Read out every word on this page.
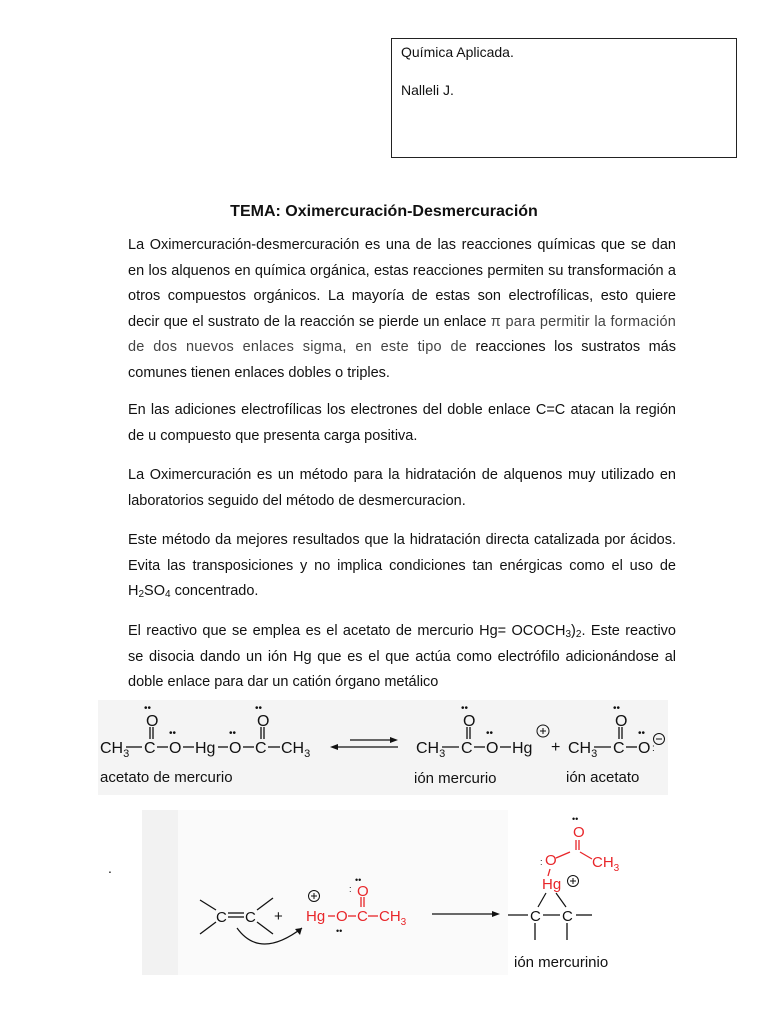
Química Aplicada.
Nalleli J.
TEMA: Oximercuración-Desmercuración
La Oximercuración-desmercuración es una de las reacciones químicas que se dan en los alquenos en química orgánica, estas reacciones permiten su transformación a otros compuestos orgánicos. La mayoría de estas son electrofílicas, esto quiere decir que el sustrato de la reacción se pierde un enlace π para permitir la formación de dos nuevos enlaces sigma, en este tipo de reacciones los sustratos más comunes tienen enlaces dobles o triples.
En las adiciones electrofílicas los electrones del doble enlace C=C atacan la región de u compuesto que presenta carga positiva.
La Oximercuración es un método para la hidratación de alquenos muy utilizado en laboratorios seguido del método de desmercuracion.
Este método da mejores resultados que la hidratación directa catalizada por ácidos. Evita las transposiciones y no implica condiciones tan enérgicas como el uso de $H_2SO_4$ concentrado.
El reactivo que se emplea es el acetato de mercurio $Hg= OCOCH_3)_2$. Este reactivo se disocia dando un ión Hg que es el que actúa como electrófilo adicionándose al doble enlace para dar un catión órgano metálico
$CH_3$ C
O
••
O
••
Hg O
••
C
O
••
$CH_3$
acetato de mercurio
$CH_3$ C
O
••
O
••
Hg
ión mercurio
+ $CH_3$ C
O
••
O
••
:
ión acetato
.
C C + Hg O
••
C
O
:
••
$CH_3$
••
O
: O $CH_3$
Hg
C C
ión mercurinio
